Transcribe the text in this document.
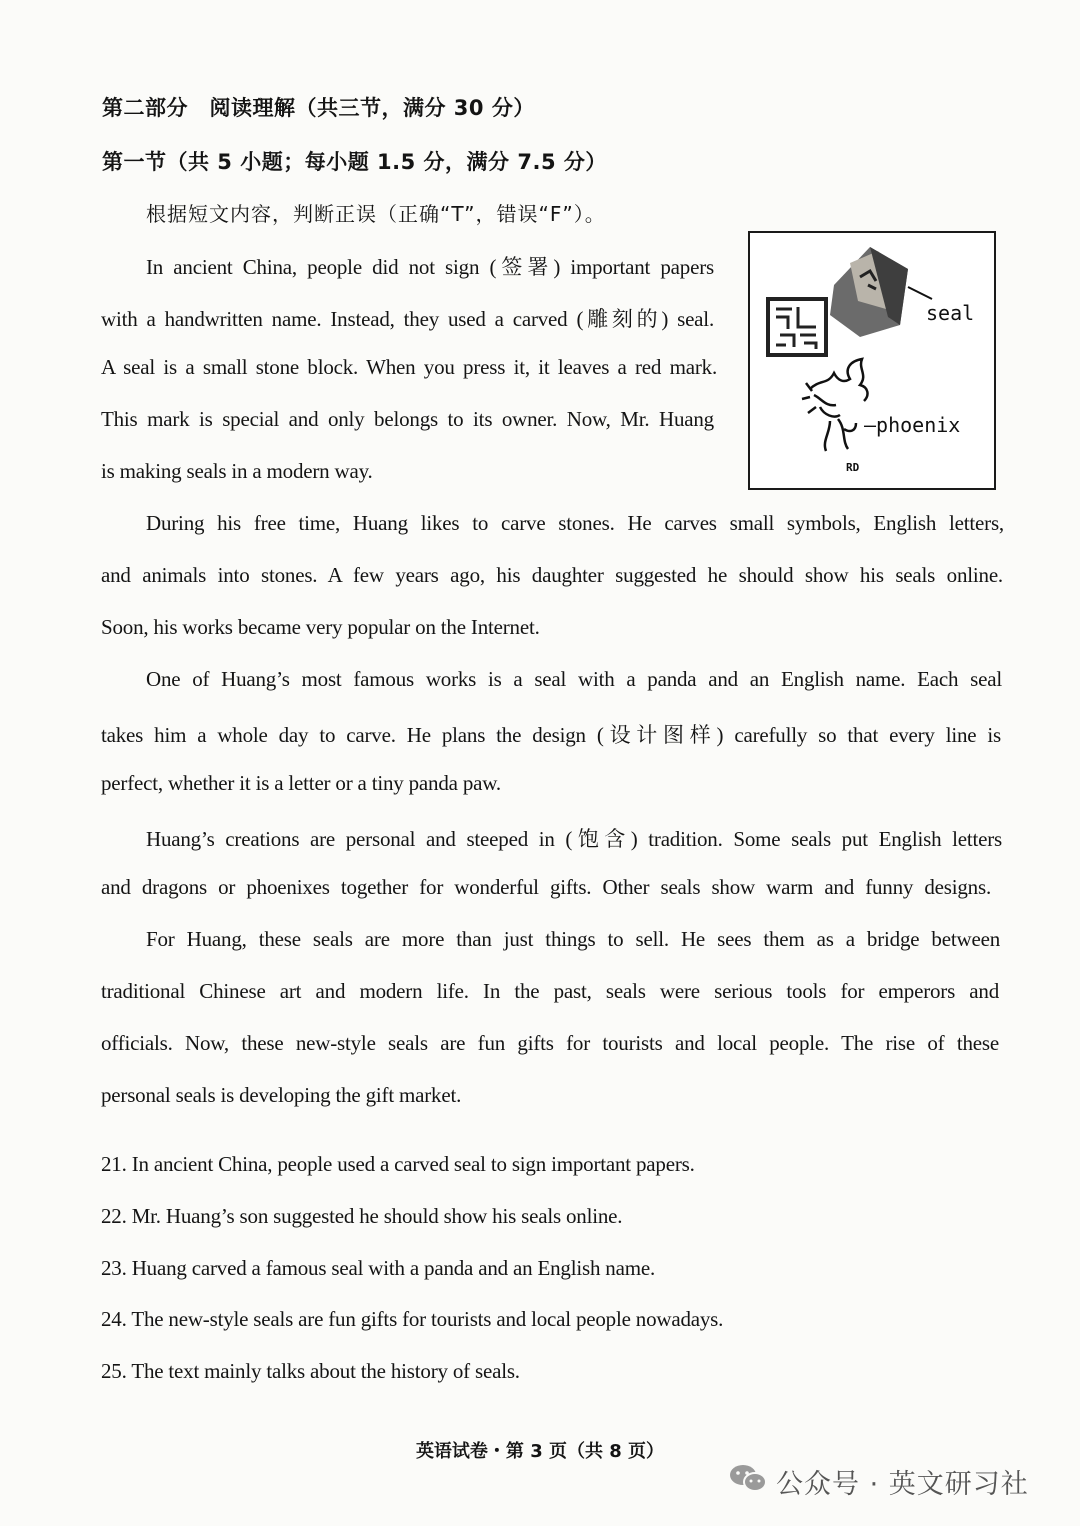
第二部分　阅读理解（共三节，满分 30 分）
第一节（共 5 小题；每小题 1.5 分，满分 7.5 分）
根据短文内容，判断正误（正确“T”，错误“F”）。
In ancient China, people did not sign (签署) important papers
with a handwritten name. Instead, they used a carved (雕刻的) seal.
A seal is a small stone block. When you press it, it leaves a red mark.
This mark is special and only belongs to its owner. Now, Mr. Huang
is making seals in a modern way.
seal
—phoenix
RD
During his free time, Huang likes to carve stones. He carves small symbols, English letters,
and animals into stones. A few years ago, his daughter suggested he should show his seals online.
Soon, his works became very popular on the Internet.
One of Huang’s most famous works is a seal with a panda and an English name. Each seal
takes him a whole day to carve. He plans the design (设计图样) carefully so that every line is
perfect, whether it is a letter or a tiny panda paw.
Huang’s creations are personal and steeped in (饱含) tradition. Some seals put English letters
and dragons or phoenixes together for wonderful gifts. Other seals show warm and funny designs.
For Huang, these seals are more than just things to sell. He sees them as a bridge between
traditional Chinese art and modern life. In the past, seals were serious tools for emperors and
officials. Now, these new-style seals are fun gifts for tourists and local people. The rise of these
personal seals is developing the gift market.
21. In ancient China, people used a carved seal to sign important papers.
22. Mr. Huang’s son suggested he should show his seals online.
23. Huang carved a famous seal with a panda and an English name.
24. The new-style seals are fun gifts for tourists and local people nowadays.
25. The text mainly talks about the history of seals.
英语试卷・第 3 页（共 8 页）
公众号 · 英文研习社
